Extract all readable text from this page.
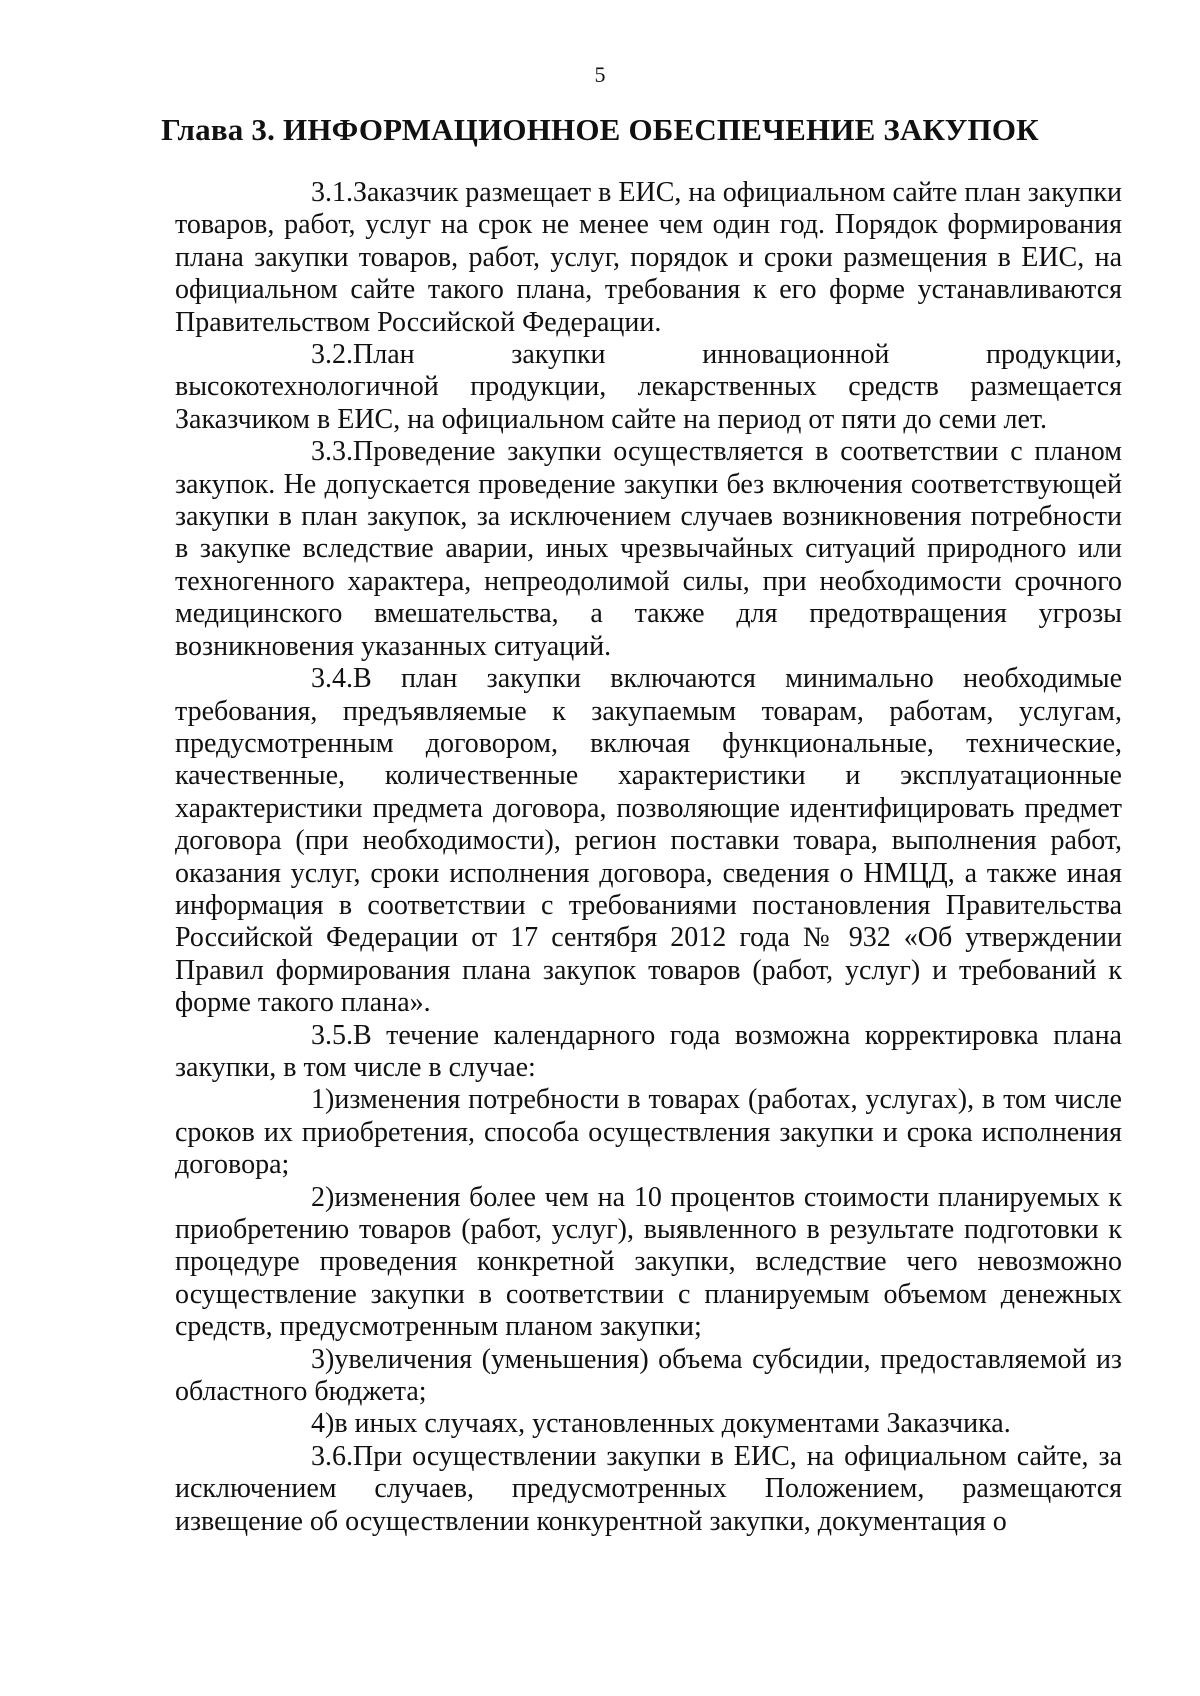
5
Глава 3. ИНФОРМАЦИОННОЕ ОБЕСПЕЧЕНИЕ ЗАКУПОК

3.1.Заказчик размещает в ЕИС, на официальном сайте план закупки товаров, работ, услуг на срок не менее чем один год. Порядок формирования плана закупки товаров, работ, услуг, порядок и сроки размещения в ЕИС, на официальном сайте такого плана, требования к его форме устанавливаются Правительством Российской Федерации.

3.2.План закупки инновационной продукции, высокотехнологичной продукции, лекарственных средств размещается Заказчиком в ЕИС, на официальном сайте на период от пяти до семи лет.

3.3.Проведение закупки осуществляется в соответствии с планом закупок. Не допускается проведение закупки без включения соответствующей закупки в план закупок, за исключением случаев возникновения потребности в закупке вследствие аварии, иных чрезвычайных ситуаций природного или техногенного характера, непреодолимой силы, при необходимости срочного медицинского вмешательства, а также для предотвращения угрозы возникновения указанных ситуаций.

3.4.В план закупки включаются минимально необходимые требования, предъявляемые к закупаемым товарам, работам, услугам, предусмотренным договором, включая функциональные, технические, качественные, количественные характеристики и эксплуатационные характеристики предмета договора, позволяющие идентифицировать предмет договора (при необходимости), регион поставки товара, выполнения работ, оказания услуг, сроки исполнения договора, сведения о НМЦД, а также иная информация в соответствии с требованиями постановления Правительства Российской Федерации от 17 сентября 2012 года № 932 «Об утверждении Правил формирования плана закупок товаров (работ, услуг) и требований к форме такого плана».

3.5.В течение календарного года возможна корректировка плана закупки, в том числе в случае:

1)изменения потребности в товарах (работах, услугах), в том числе сроков их приобретения, способа осуществления закупки и срока исполнения договора;

2)изменения более чем на 10 процентов стоимости планируемых к приобретению товаров (работ, услуг), выявленного в результате подготовки к процедуре проведения конкретной закупки, вследствие чего невозможно осуществление закупки в соответствии с планируемым объемом денежных средств, предусмотренным планом закупки;

3)увеличения (уменьшения) объема субсидии, предоставляемой из областного бюджета;

4)в иных случаях, установленных документами Заказчика.

3.6.При осуществлении закупки в ЕИС, на официальном сайте, за исключением случаев, предусмотренных Положением, размещаются извещение об осуществлении конкурентной закупки, документация о
